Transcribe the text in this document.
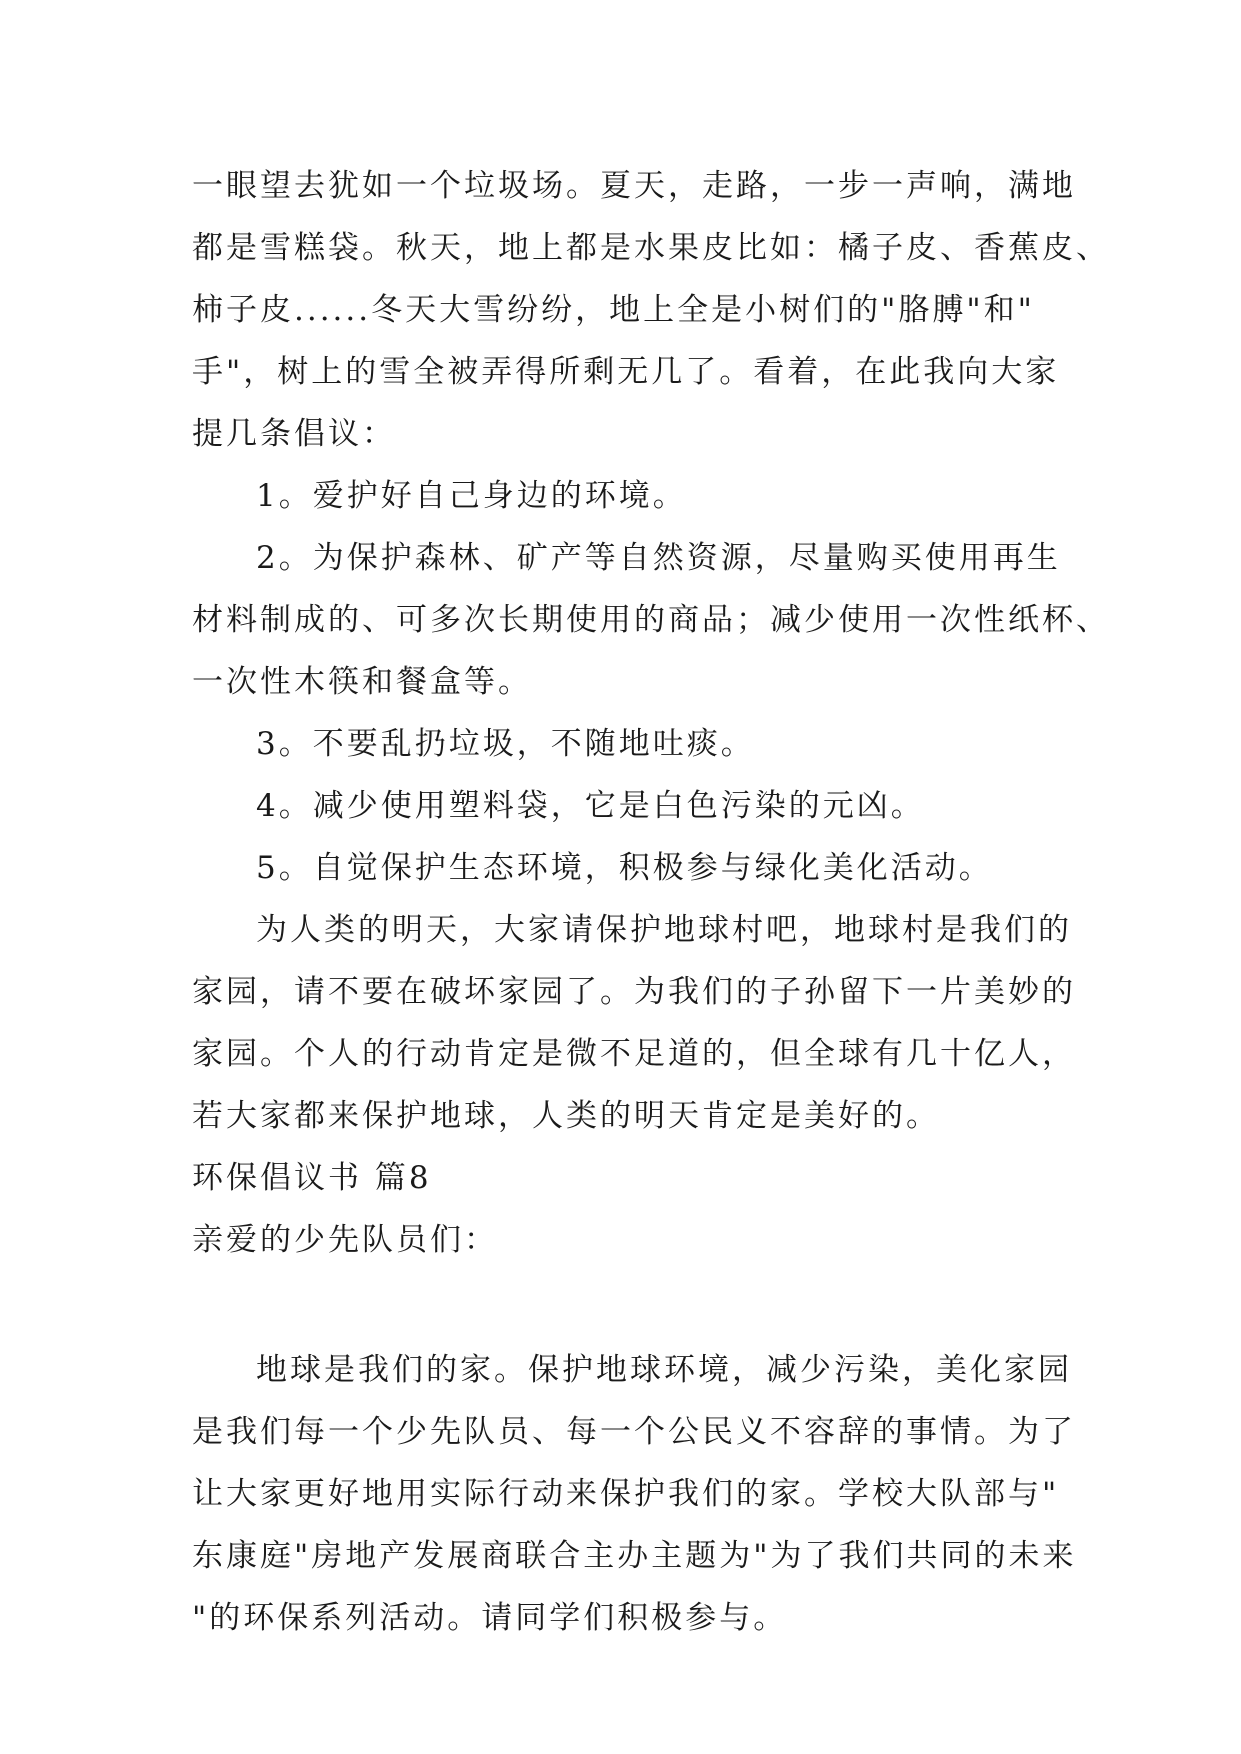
一眼望去犹如一个垃圾场。夏天，走路，一步一声响，满地
都是雪糕袋。秋天，地上都是水果皮比如：橘子皮、香蕉皮、
柿子皮......冬天大雪纷纷，地上全是小树们的"胳膊"和"
手"，树上的雪全被弄得所剩无几了。看着，在此我向大家
提几条倡议：
1。爱护好自己身边的环境。
2。为保护森林、矿产等自然资源，尽量购买使用再生
材料制成的、可多次长期使用的商品；减少使用一次性纸杯、
一次性木筷和餐盒等。
3。不要乱扔垃圾，不随地吐痰。
4。减少使用塑料袋，它是白色污染的元凶。
5。自觉保护生态环境，积极参与绿化美化活动。
为人类的明天，大家请保护地球村吧，地球村是我们的
家园，请不要在破坏家园了。为我们的子孙留下一片美妙的
家园。个人的行动肯定是微不足道的，但全球有几十亿人，
若大家都来保护地球，人类的明天肯定是美好的。
环保倡议书 篇8
亲爱的少先队员们：
地球是我们的家。保护地球环境，减少污染，美化家园
是我们每一个少先队员、每一个公民义不容辞的事情。为了
让大家更好地用实际行动来保护我们的家。学校大队部与"
东康庭"房地产发展商联合主办主题为"为了我们共同的未来
"的环保系列活动。请同学们积极参与。
